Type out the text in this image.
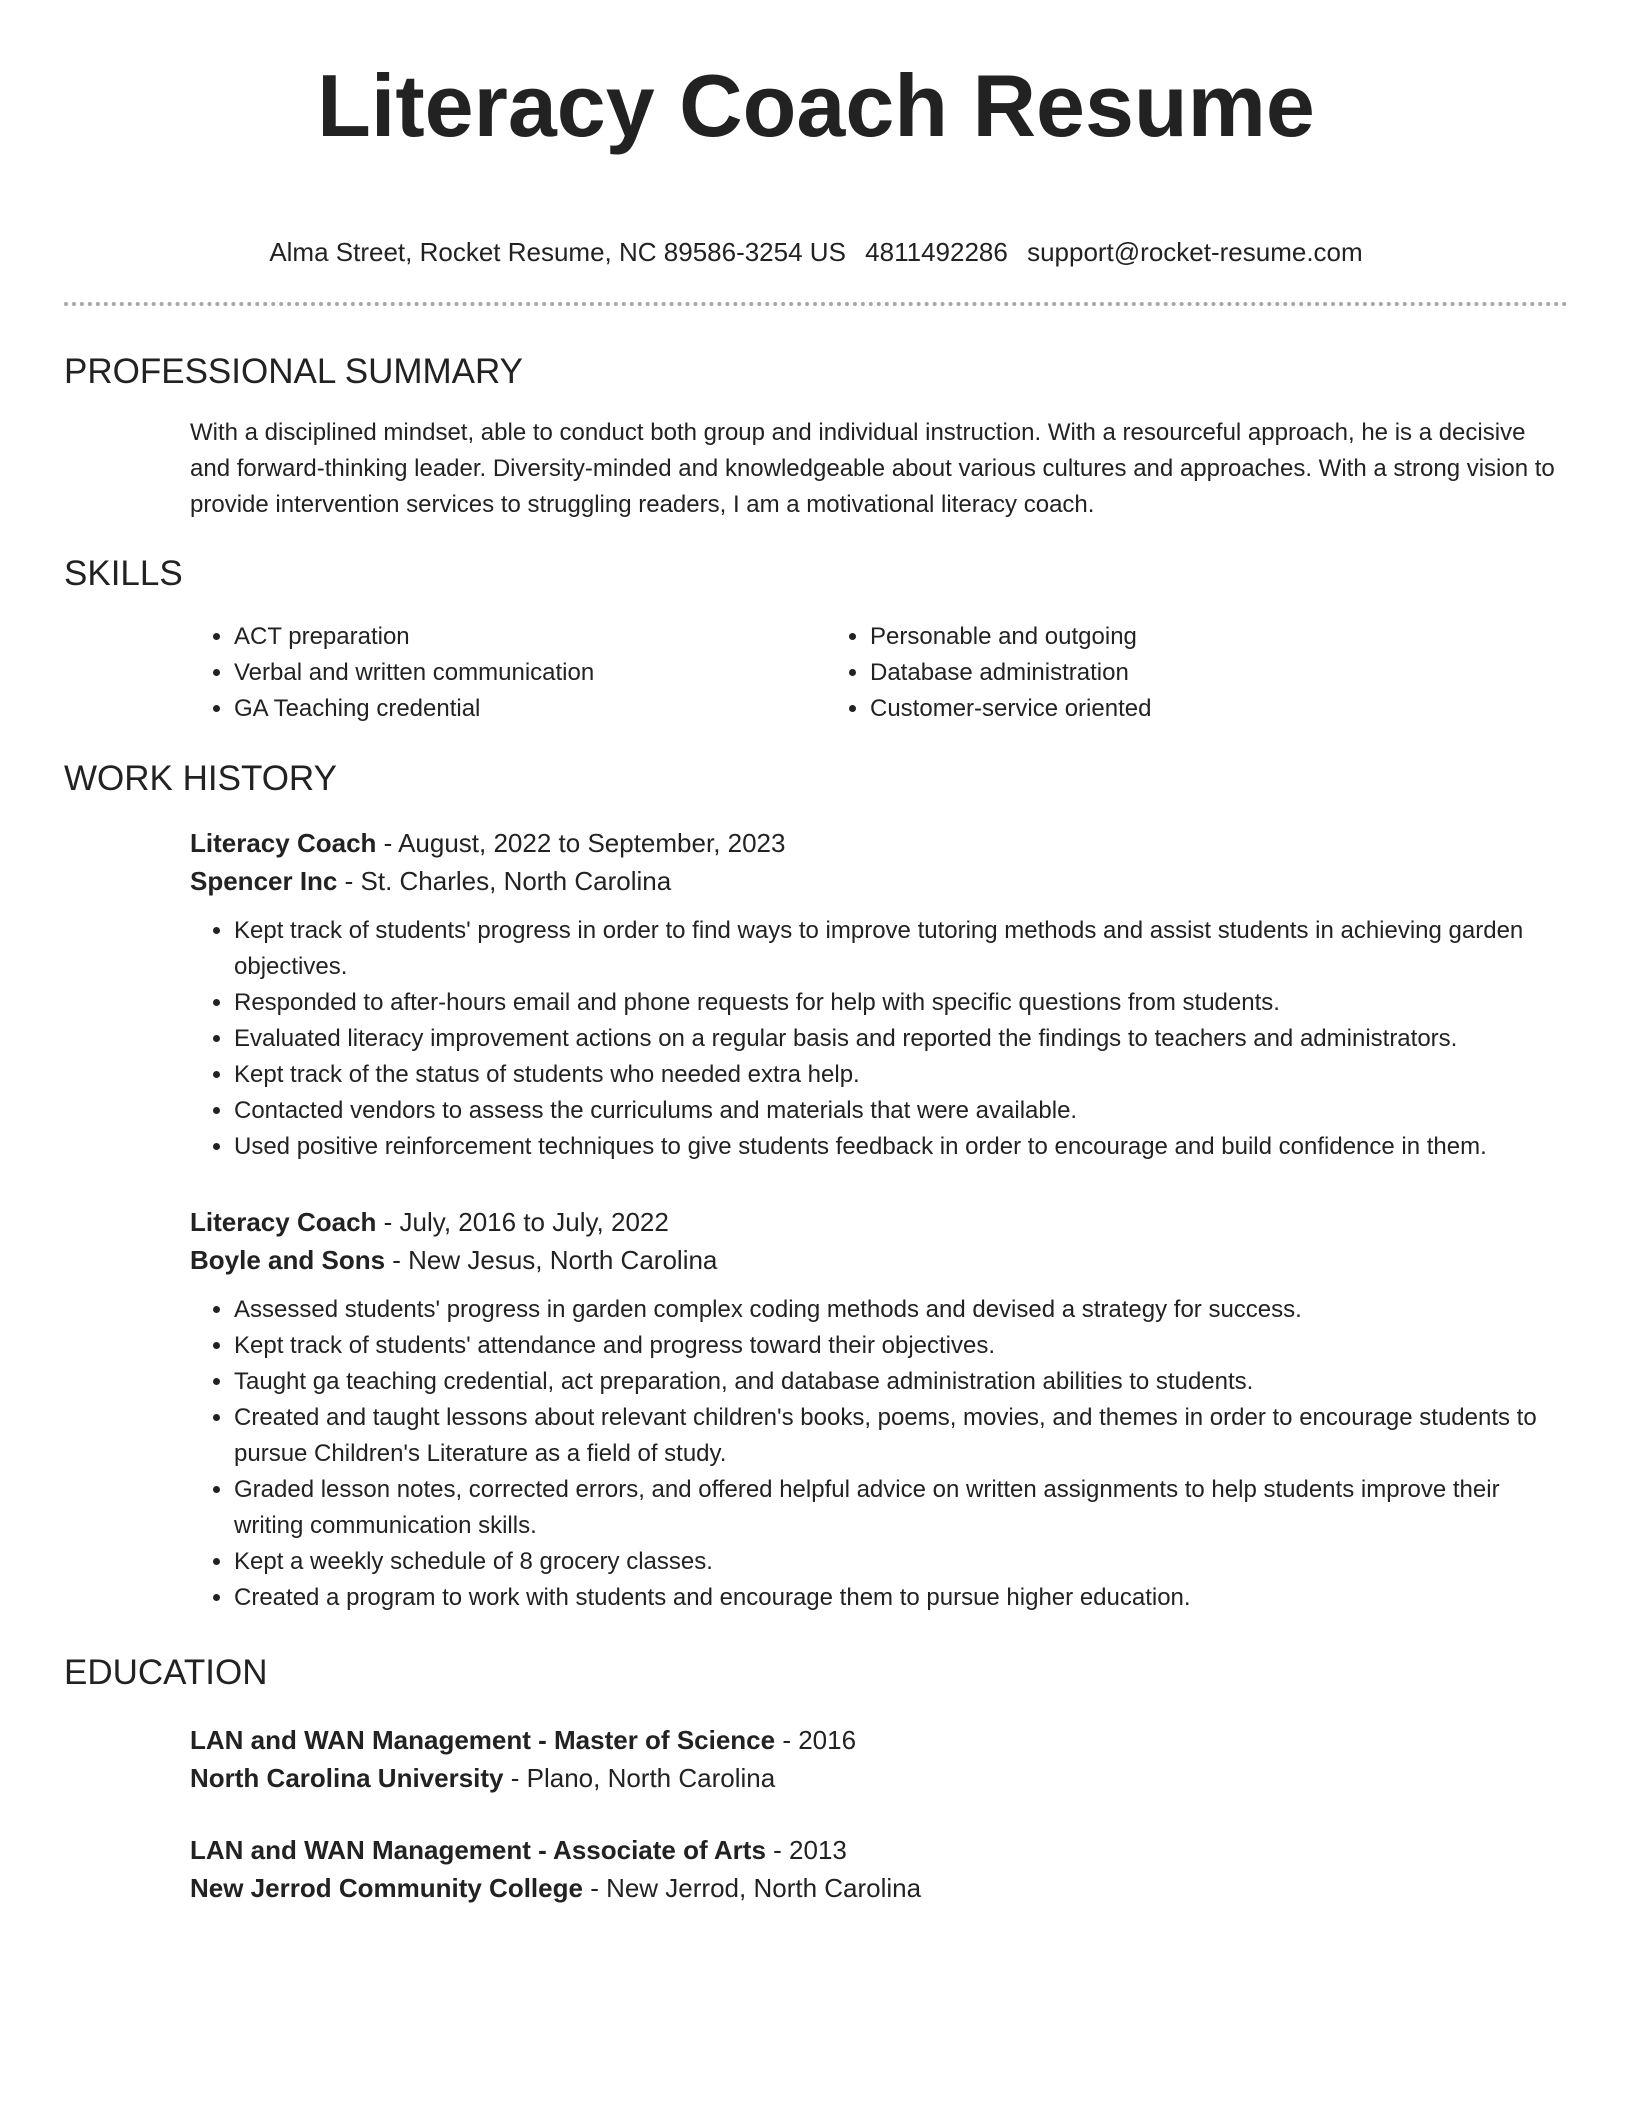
Literacy Coach Resume
Alma Street, Rocket Resume, NC 89586-3254 US 4811492286 support@rocket-resume.com
PROFESSIONAL SUMMARY

With a disciplined mindset, able to conduct both group and individual instruction. With a resourceful approach, he is a decisive and forward-thinking leader. Diversity-minded and knowledgeable about various cultures and approaches. With a strong vision to provide intervention services to struggling readers, I am a motivational literacy coach.

SKILLS
• ACT preparation
• Verbal and written communication
• GA Teaching credential
• Personable and outgoing
• Database administration
• Customer-service oriented
WORK HISTORY
Literacy Coach - August, 2022 to September, 2023
Spencer Inc - St. Charles, North Carolina
• Kept track of students' progress in order to find ways to improve tutoring methods and assist students in achieving garden objectives.
• Responded to after-hours email and phone requests for help with specific questions from students.
• Evaluated literacy improvement actions on a regular basis and reported the findings to teachers and administrators.
• Kept track of the status of students who needed extra help.
• Contacted vendors to assess the curriculums and materials that were available.
• Used positive reinforcement techniques to give students feedback in order to encourage and build confidence in them.
Literacy Coach - July, 2016 to July, 2022
Boyle and Sons - New Jesus, North Carolina
• Assessed students' progress in garden complex coding methods and devised a strategy for success.
• Kept track of students' attendance and progress toward their objectives.
• Taught ga teaching credential, act preparation, and database administration abilities to students.
• Created and taught lessons about relevant children's books, poems, movies, and themes in order to encourage students to pursue Children's Literature as a field of study.
• Graded lesson notes, corrected errors, and offered helpful advice on written assignments to help students improve their writing communication skills.
• Kept a weekly schedule of 8 grocery classes.
• Created a program to work with students and encourage them to pursue higher education.
EDUCATION
LAN and WAN Management - Master of Science - 2016
North Carolina University - Plano, North Carolina
LAN and WAN Management - Associate of Arts - 2013
New Jerrod Community College - New Jerrod, North Carolina
